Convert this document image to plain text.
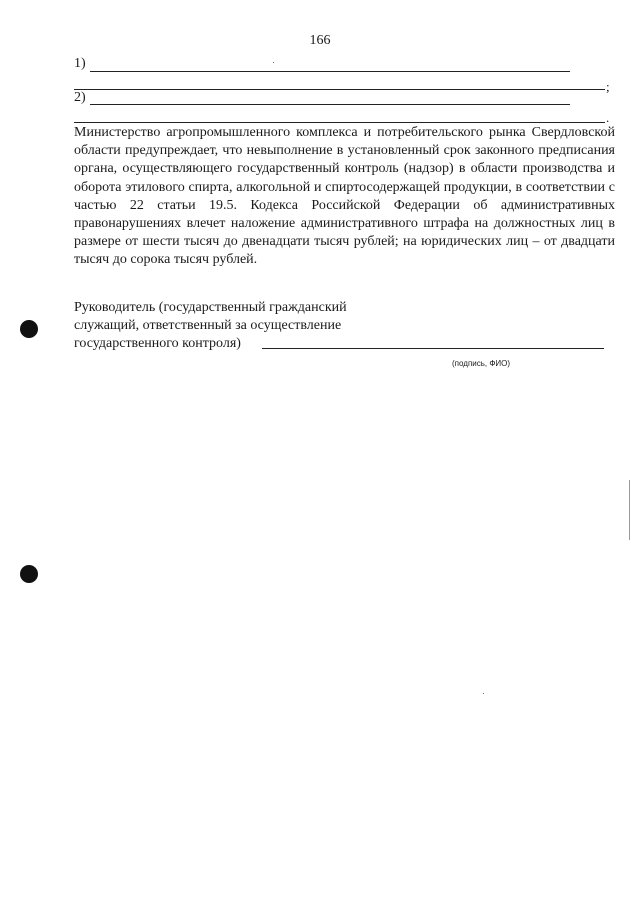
166
1)
;
2)
.

Министерство агропромышленного комплекса и потребительского рынка Свердловской области предупреждает, что невыполнение в установленный срок законного предписания органа, осуществляющего государственный контроль (надзор) в области производства и оборота этилового спирта, алкогольной и спиртосодержащей продукции, в соответствии с частью 22 статьи 19.5. Кодекса Российской Федерации об административных правонарушениях влечет наложение административного штрафа на должностных лиц в размере от шести тысяч до двенадцати тысяч рублей; на юридических лиц – от двадцати тысяч до сорока тысяч рублей.

Руководитель (государственный гражданский
служащий, ответственный за осуществление
государственного контроля)
(подпись, ФИО)
